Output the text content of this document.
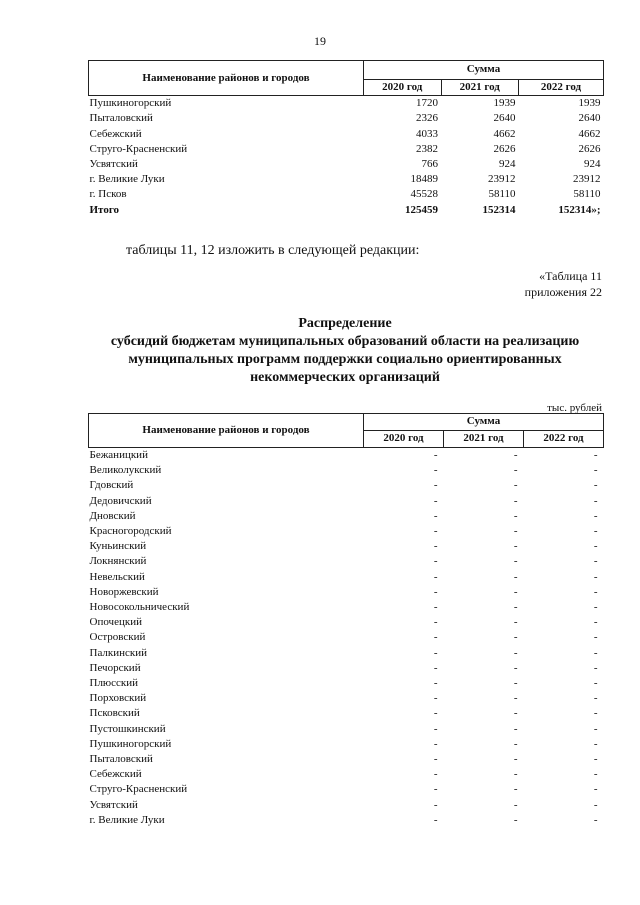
19
Наименование районов и городов	Сумма		
	2020 год	2021 год	2022 год
Пушкиногорский	1720	1939	1939
Пыталовский	2326	2640	2640
Себежский	4033	4662	4662
Струго-Красненский	2382	2626	2626
Усвятский	766	924	924
г. Великие Луки	18489	23912	23912
г. Псков	45528	58110	58110
Итого	125459	152314	152314»;
таблицы 11, 12 изложить в следующей редакции:
«Таблица 11
приложения 22
Распределение
субсидий бюджетам муниципальных образований области на реализацию
муниципальных программ поддержки социально ориентированных
некоммерческих организаций
тыс. рублей
Наименование районов и городов	Сумма		
	2020 год	2021 год	2022 год
Бежаницкий	-	-	-
Великолукский	-	-	-
Гдовский	-	-	-
Дедовичский	-	-	-
Дновский	-	-	-
Красногородский	-	-	-
Куньинский	-	-	-
Локнянский	-	-	-
Невельский	-	-	-
Новоржевский	-	-	-
Новосокольнический	-	-	-
Опочецкий	-	-	-
Островский	-	-	-
Палкинский	-	-	-
Печорский	-	-	-
Плюсский	-	-	-
Порховский	-	-	-
Псковский	-	-	-
Пустошкинский	-	-	-
Пушкиногорский	-	-	-
Пыталовский	-	-	-
Себежский	-	-	-
Струго-Красненский	-	-	-
Усвятский	-	-	-
г. Великие Луки	-	-	-
